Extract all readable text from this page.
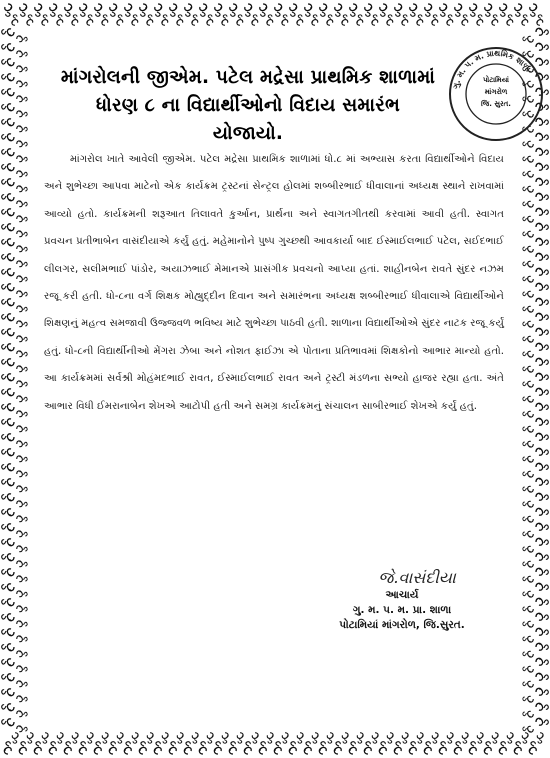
માંગરોલની જીએમ. પટેલ મદ્રેસા પ્રાથમિક શાળામાં
ધોરણ ૮ ના વિદ્યાર્થીઓનો વિદાય સમારંભ યોજાયો.
ગુ. મ. પ. મ. પ્રાથમિક શાળા
પોટામિયાં
માંગરોળ
જિ. સુરત.

માંગરોલ ખાતે આવેલી જીએમ. પટેલ મદ્રેસા પ્રાથમિક શાળામાં ધો.૮ માં અભ્યાસ કરતા વિદ્યાર્થીઓને વિદાય અને શુભેચ્છા આપવા માટેનો એક કાર્યક્રમ ટ્રસ્ટનાં સેન્ટ્રલ હોલમાં શબ્બીરભાઈ ધીવાલાનાં અધ્યક્ષ સ્થાને રાખવામાં આવ્યો હતો. કાર્યક્રમની શરૂઆત તિલાવતે કુર્આન, પ્રાર્થના અને સ્વાગતગીતથી કરવામાં આવી હતી. સ્વાગત પ્રવચન પ્રતીભાબેન વાસંદીયાએ કર્યું હતું. મહેમાનોને પુષ્પ ગુચ્છથી આવકાર્યા બાદ ઈસ્માઈલભાઈ પટેલ, સઈદભાઈ લીલગર, સલીમભાઈ પાંડોર, અયાઝભાઈ મેમાનએ પ્રાસંગીક પ્રવચનો આપ્યા હતાં. શાહીનબેન રાવતે સુંદર નઝમ રજૂ કરી હતી. ધો-૮ના વર્ગ શિક્ષક મોહ્યુદ્દીન દિવાન અને સમારંભના અધ્યક્ષ શબ્બીરભાઈ ધીવાલાએ વિદ્યાર્થીઓને શિક્ષણનું મહત્વ સમજાવી ઉજ્જવળ ભવિષ્ય માટે શુભેચ્છા પાઠવી હતી. શાળાના વિદ્યાર્થીઓએ સુંદર નાટક રજૂ કર્યું હતું. ધો-૮ની વિદ્યાર્થીનીઓ મેંગરા ઝેબા અને નોશત ફાઈઝા એ પોતાના પ્રતિભાવમાં શિક્ષકોનો આભાર માન્યો હતો. આ કાર્યક્રમમાં સર્વશ્રી મોહંમદભાઈ રાવત, ઈસ્માઈલભાઈ રાવત અને ટ્રસ્ટી મંડળના સભ્યો હાજર રહ્યા હતા. અંતે આભાર વિધી ઈમરાનાબેન શેખએ આટોપી હતી અને સમગ્ર કાર્યક્રમનું સંચાલન સાબીરભાઈ શેખએ કર્યું હતું.

જે.વાસંદીયા
આચાર્ય
ગુ. મ. પ. મ. પ્રા. શાળા
પોટામિયાં માંગરોળ, જિ.સુરત.
